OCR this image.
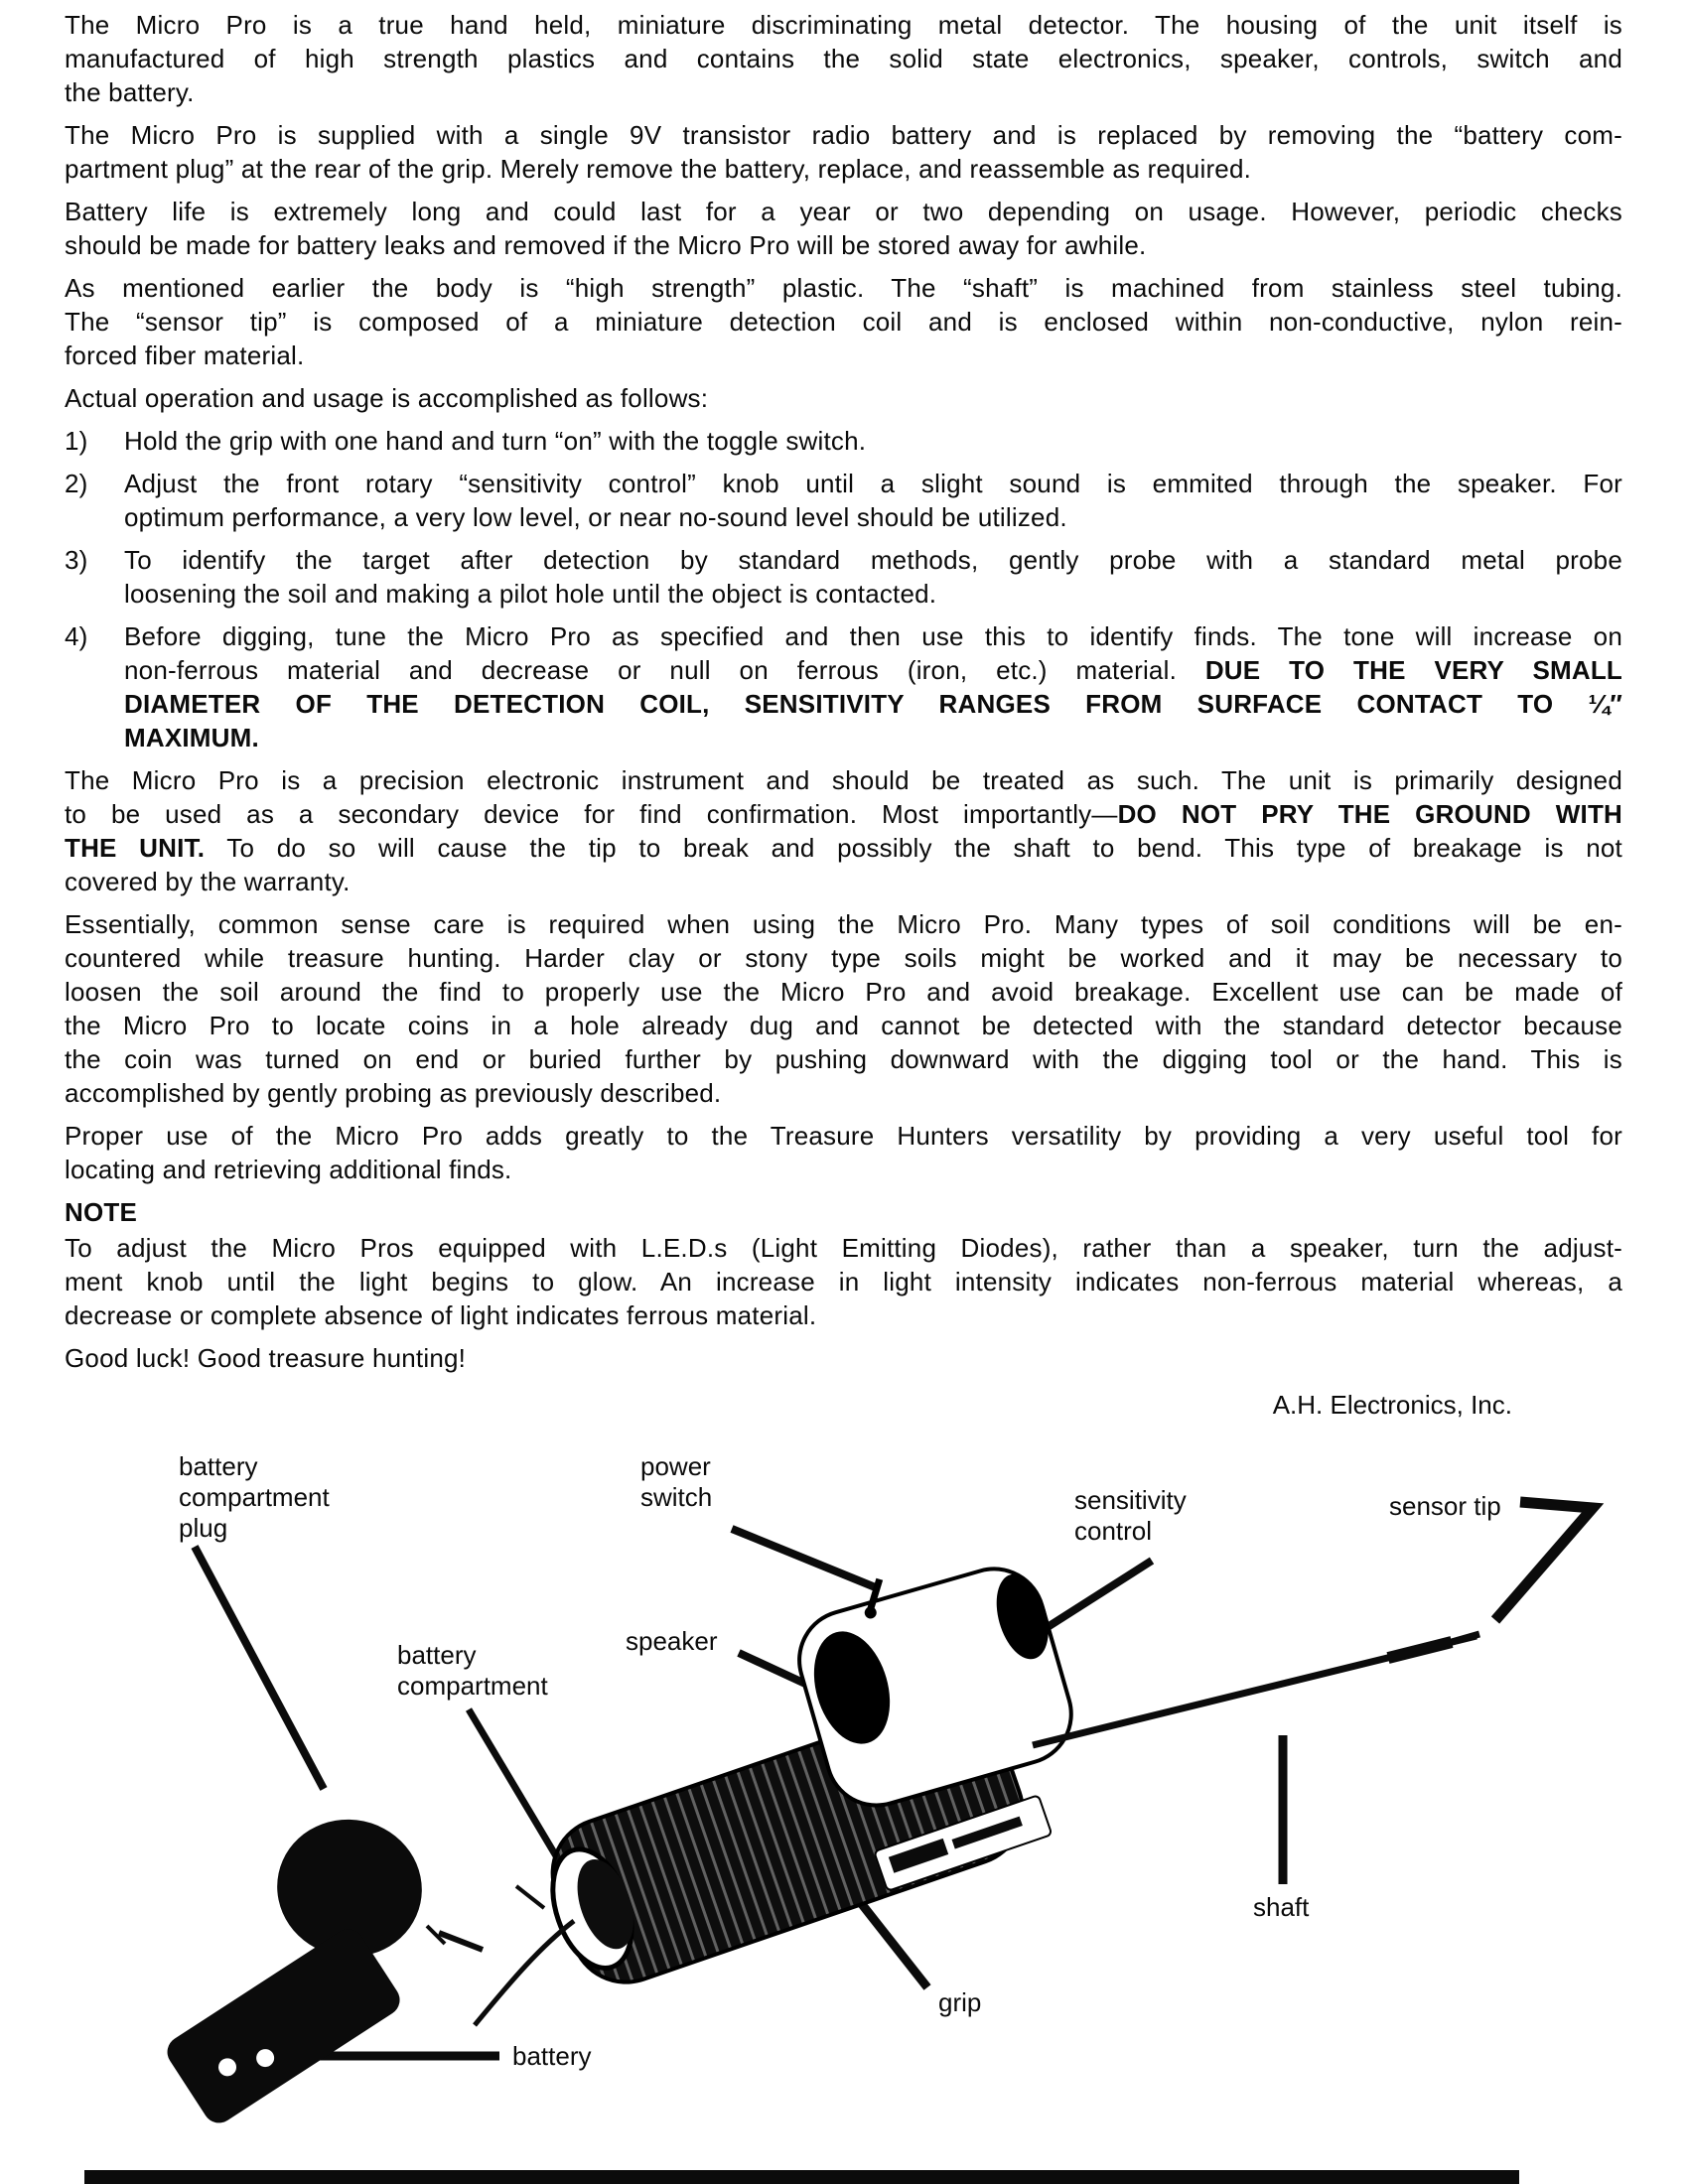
The Micro Pro is a true hand held, miniature discriminating metal detector. The housing of the unit itself is
manufactured of high strength plastics and contains the solid state electronics, speaker, controls, switch and
the battery.

The Micro Pro is supplied with a single 9V transistor radio battery and is replaced by removing the “battery com-
partment plug” at the rear of the grip. Merely remove the battery, replace, and reassemble as required.

Battery life is extremely long and could last for a year or two depending on usage. However, periodic checks
should be made for battery leaks and removed if the Micro Pro will be stored away for awhile.

As mentioned earlier the body is “high strength” plastic. The “shaft” is machined from stainless steel tubing.
The “sensor tip” is composed of a miniature detection coil and is enclosed within non-conductive, nylon rein-
forced fiber material.

Actual operation and usage is accomplished as follows:

1)	Hold the grip with one hand and turn “on” with the toggle switch.
2)	Adjust the front rotary “sensitivity control” knob until a slight sound is emmited through the speaker. For
optimum performance, a very low level, or near no-sound level should be utilized.
3)	To identify the target after detection by standard methods, gently probe with a standard metal probe
loosening the soil and making a pilot hole until the object is contacted.
4)	Before digging, tune the Micro Pro as specified and then use this to identify finds. The tone will increase on
non-ferrous material and decrease or null on ferrous (iron, etc.) material. DUE TO THE VERY SMALL
DIAMETER OF THE DETECTION COIL, SENSITIVITY RANGES FROM SURFACE CONTACT TO ¼″
MAXIMUM.

The Micro Pro is a precision electronic instrument and should be treated as such. The unit is primarily designed
to be used as a secondary device for find confirmation. Most importantly—DO NOT PRY THE GROUND WITH
THE UNIT. To do so will cause the tip to break and possibly the shaft to bend. This type of breakage is not
covered by the warranty.

Essentially, common sense care is required when using the Micro Pro. Many types of soil conditions will be en-
countered while treasure hunting. Harder clay or stony type soils might be worked and it may be necessary to
loosen the soil around the find to properly use the Micro Pro and avoid breakage. Excellent use can be made of
the Micro Pro to locate coins in a hole already dug and cannot be detected with the standard detector because
the coin was turned on end or buried further by pushing downward with the digging tool or the hand. This is
accomplished by gently probing as previously described.

Proper use of the Micro Pro adds greatly to the Treasure Hunters versatility by providing a very useful tool for
locating and retrieving additional finds.

NOTE

To adjust the Micro Pros equipped with L.E.D.s (Light Emitting Diodes), rather than a speaker, turn the adjust-
ment knob until the light begins to glow. An increase in light intensity indicates non-ferrous material whereas, a
decrease or complete absence of light indicates ferrous material.

Good luck! Good treasure hunting!

A.H. Electronics, Inc.
battery
compartment
plug
power
switch	sensitivity
control
sensor tip
speaker
battery
compartment
shaft
grip
battery
